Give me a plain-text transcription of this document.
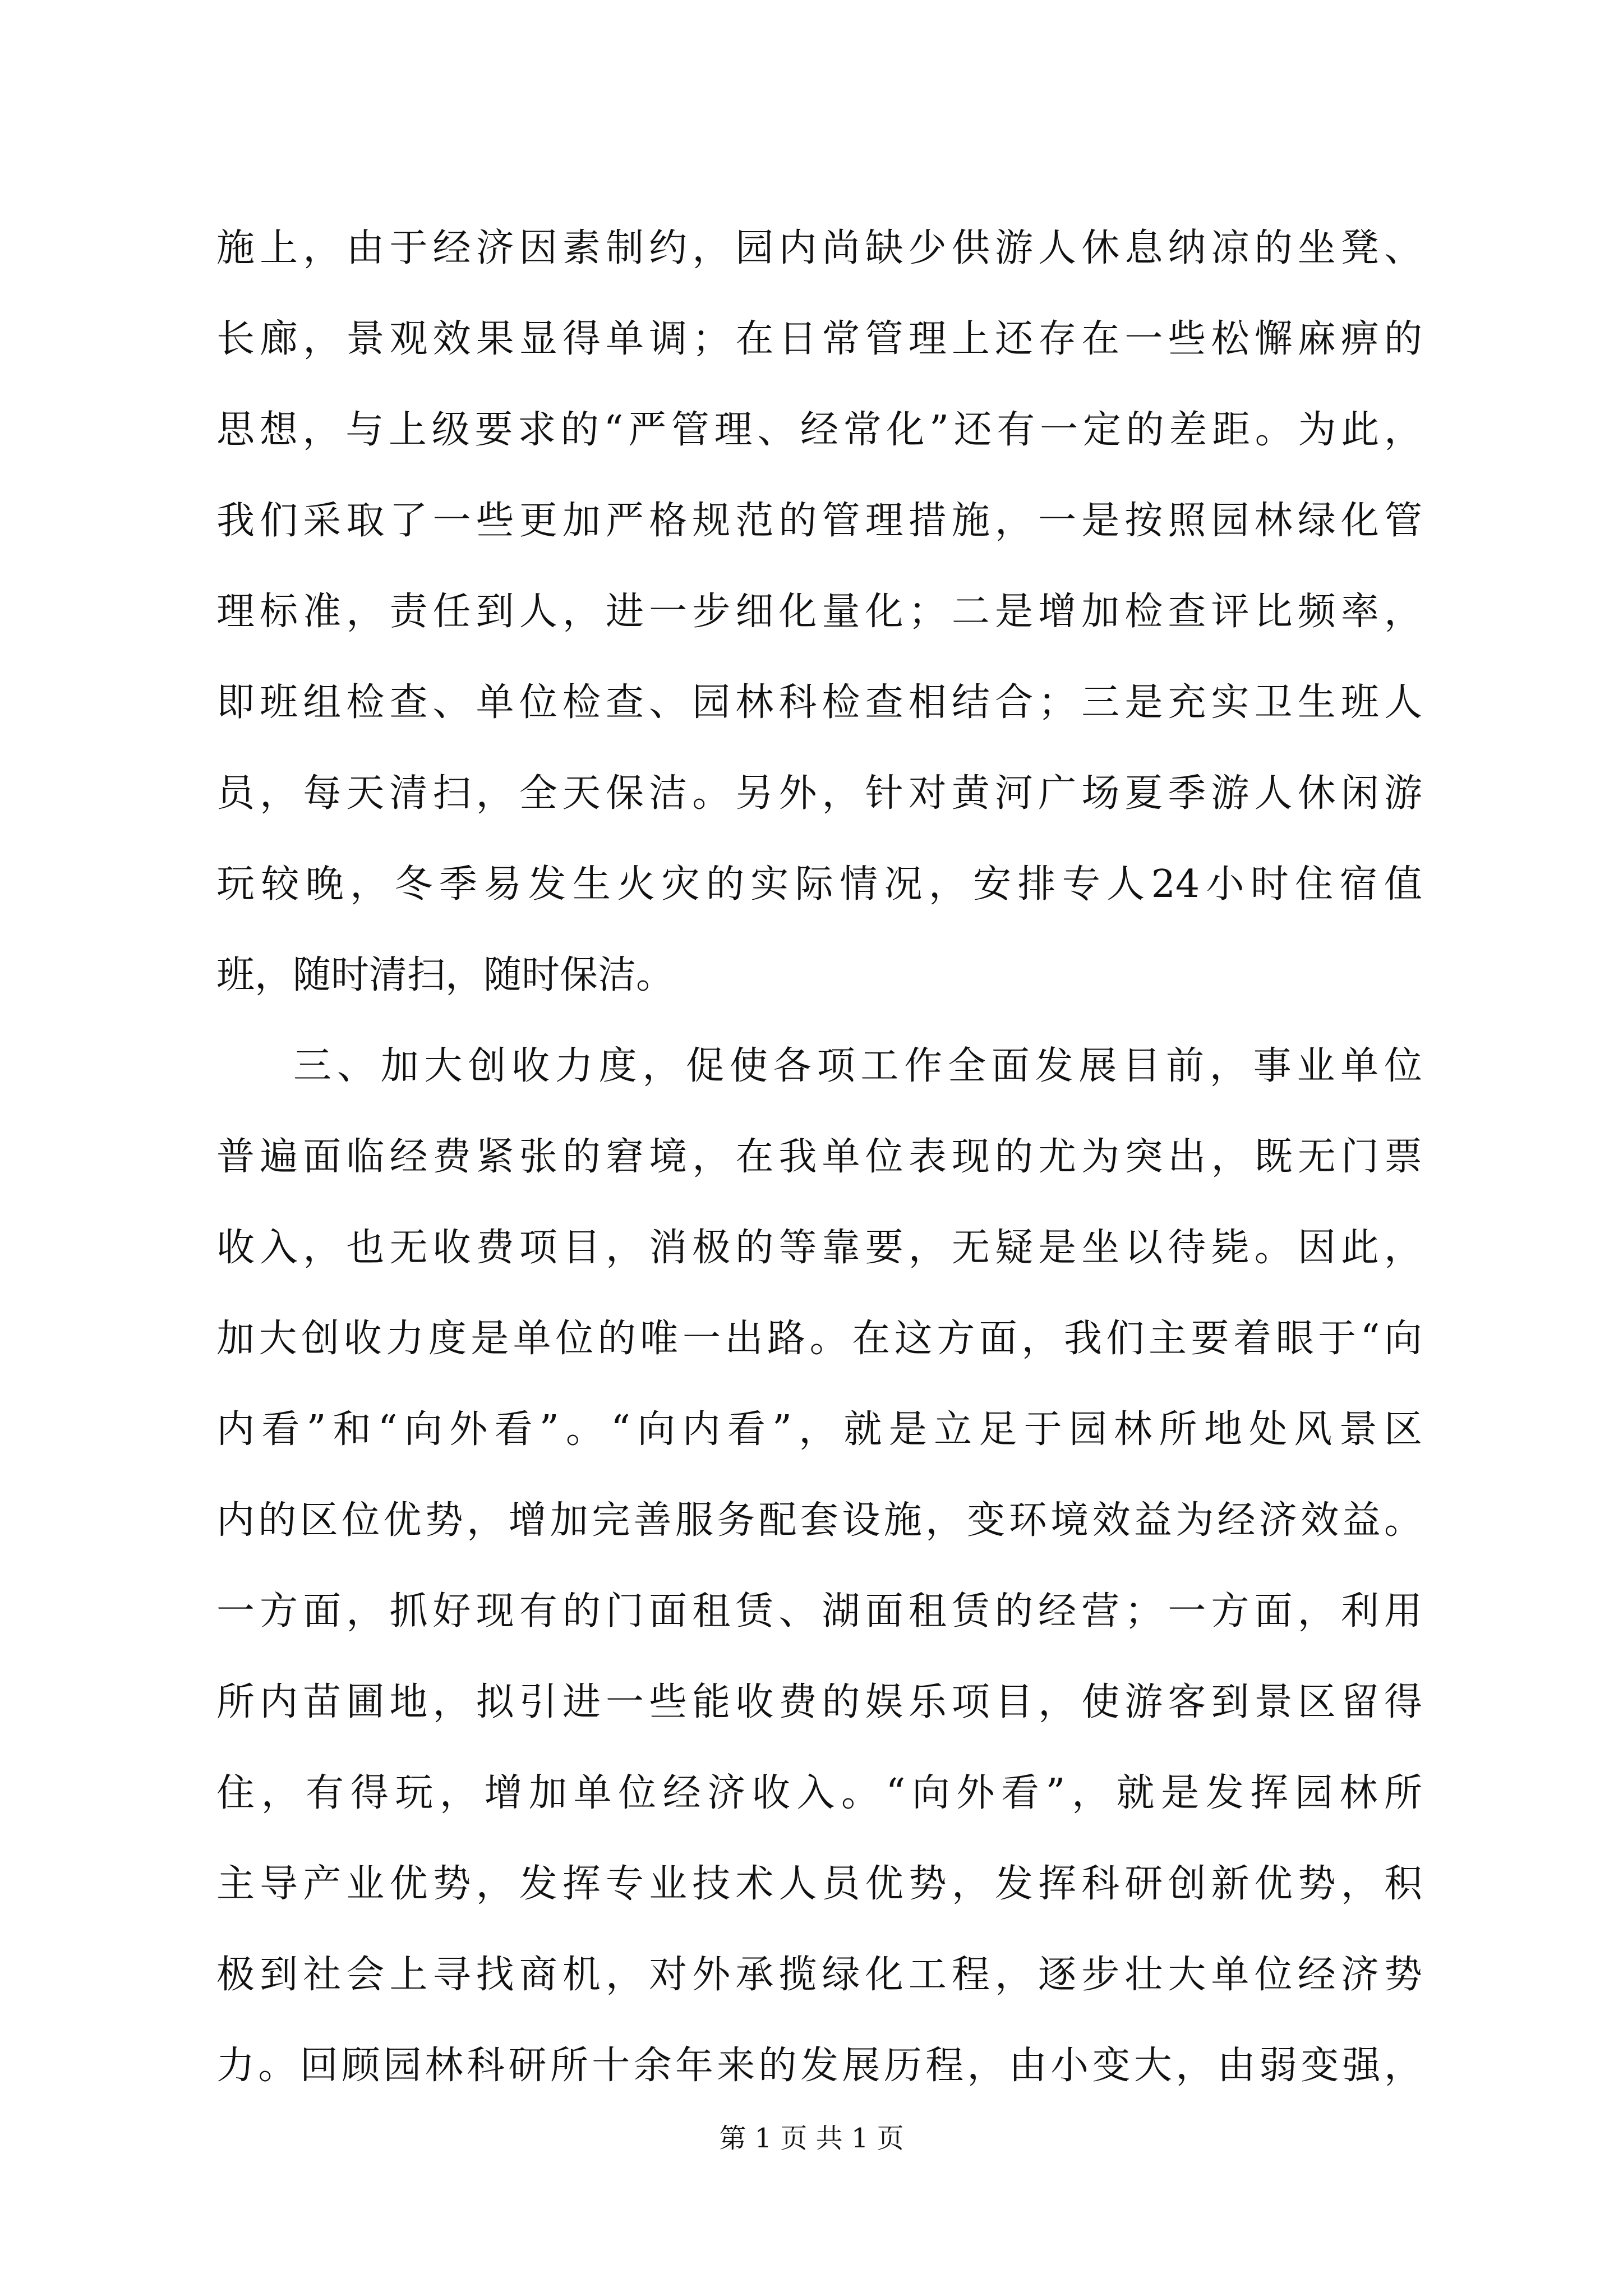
施上，由于经济因素制约，园内尚缺少供游人休息纳凉的坐凳、
长廊，景观效果显得单调；在日常管理上还存在一些松懈麻痹的
思想，与上级要求的“严管理、经常化”还有一定的差距。为此，
我们采取了一些更加严格规范的管理措施，一是按照园林绿化管
理标准，责任到人，进一步细化量化；二是增加检查评比频率，
即班组检查、单位检查、园林科检查相结合；三是充实卫生班人
员，每天清扫，全天保洁。另外，针对黄河广场夏季游人休闲游
玩较晚，冬季易发生火灾的实际情况，安排专人24小时住宿值
班，随时清扫，随时保洁。
三、加大创收力度，促使各项工作全面发展目前，事业单位
普遍面临经费紧张的窘境，在我单位表现的尤为突出，既无门票
收入，也无收费项目，消极的等靠要，无疑是坐以待毙。因此，
加大创收力度是单位的唯一出路。在这方面，我们主要着眼于“向
内看”和“向外看”。“向内看”，就是立足于园林所地处风景区
内的区位优势，增加完善服务配套设施，变环境效益为经济效益。
一方面，抓好现有的门面租赁、湖面租赁的经营；一方面，利用
所内苗圃地，拟引进一些能收费的娱乐项目，使游客到景区留得
住，有得玩，增加单位经济收入。“向外看”，就是发挥园林所
主导产业优势，发挥专业技术人员优势，发挥科研创新优势，积
极到社会上寻找商机，对外承揽绿化工程，逐步壮大单位经济势
力。回顾园林科研所十余年来的发展历程，由小变大，由弱变强，
第 1 页 共 1 页
